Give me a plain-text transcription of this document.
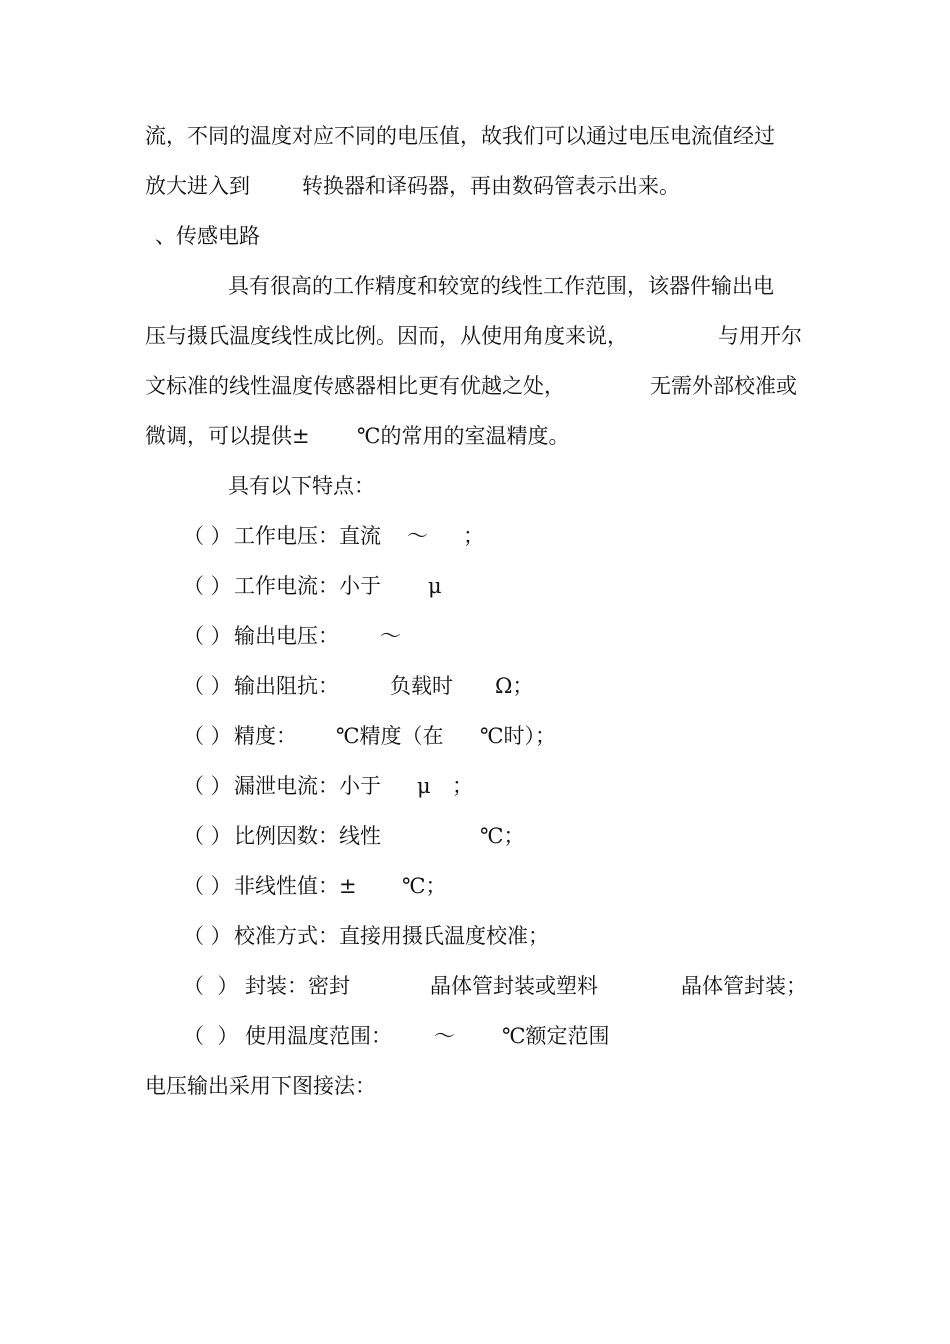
流，不同的温度对应不同的电压值，故我们可以通过电压电流值经过

放大进入到

转换器和译码器，再由数码管表示出来。

、传感电路

具有很高的工作精度和较宽的线性工作范围，该器件输出电

压与摄氏温度线性成比例。因而，从使用角度来说，

	与用开尔

文标准的线性温度传感器相比更有优越之处，

	无需外部校准或

微调，可以提供±

℃的常用的室温精度。

具有以下特点：

（ ）

工作电压：直流

～

；

（ ）

工作电流：小于

μ

（ ）

输出电压：

～

（ ）

输出阻抗：

负载时

Ω；

（ ）

精度：

℃精度（在

℃时）；

（ ）

漏泄电流：小于

μ

；

（ ）

比例因数：线性

	℃；

（ ）

非线性值：±

℃；

（ ）

校准方式：直接用摄氏温度校准；

（  ）

封装：密封

	晶体管封装或塑料

	晶体管封装；

（  ）

使用温度范围：

～

℃额定范围

电压输出采用下图接法：
